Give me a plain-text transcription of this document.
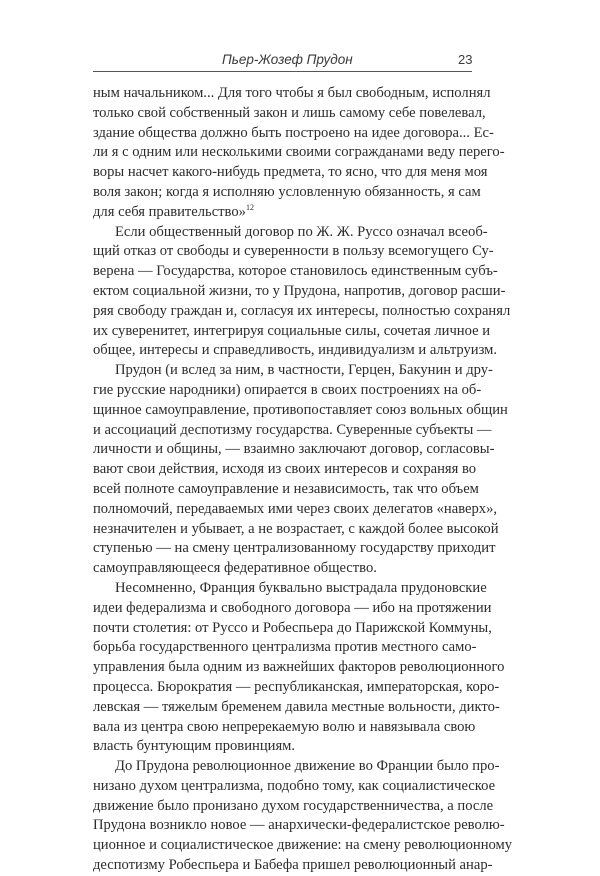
Пьер-Жозеф Прудон	23
ным начальником... Для того чтобы я был свободным, исполнял
только свой собственный закон и лишь самому себе повелевал,
здание общества должно быть построено на идее договора... Ес-
ли я с одним или несколькими своими согражданами веду перего-
воры насчет какого-нибудь предмета, то ясно, что для меня моя
воля закон; когда я исполняю условленную обязанность, я сам
для себя правительство»$^{12}$
Если общественный договор по Ж. Ж. Руссо означал всеоб-
щий отказ от свободы и суверенности в пользу всемогущего Су-
верена — Государства, которое становилось единственным субъ-
ектом социальной жизни, то у Прудона, напротив, договор расши-
ряя свободу граждан и, согласуя их интересы, полностью сохранял
их суверенитет, интегрируя социальные силы, сочетая личное и
общее, интересы и справедливость, индивидуализм и альтруизм.
Прудон (и вслед за ним, в частности, Герцен, Бакунин и дру-
гие русские народники) опирается в своих построениях на об-
щинное самоуправление, противопоставляет союз вольных общин
и ассоциаций деспотизму государства. Суверенные субъекты —
личности и общины, — взаимно заключают договор, согласовы-
вают свои действия, исходя из своих интересов и сохраняя во
всей полноте самоуправление и независимость, так что объем
полномочий, передаваемых ими через своих делегатов «наверх»,
незначителен и убывает, а не возрастает, с каждой более высокой
ступенью — на смену централизованному государству приходит
самоуправляющееся федеративное общество.
Несомненно, Франция буквально выстрадала прудоновские
идеи федерализма и свободного договора — ибо на протяжении
почти столетия: от Руссо и Робеспьера до Парижской Коммуны,
борьба государственного централизма против местного само-
управления была одним из важнейших факторов революционного
процесса. Бюрократия — республиканская, императорская, коро-
левская — тяжелым бременем давила местные вольности, дикто-
вала из центра свою непререкаемую волю и навязывала свою
власть бунтующим провинциям.
До Прудона революционное движение во Франции было про-
низано духом централизма, подобно тому, как социалистическое
движение было пронизано духом государственничества, а после
Прудона возникло новое — анархически-федералистское револю-
ционное и социалистическое движение: на смену революционному
деспотизму Робеспьера и Бабефа пришел революционный анар-
